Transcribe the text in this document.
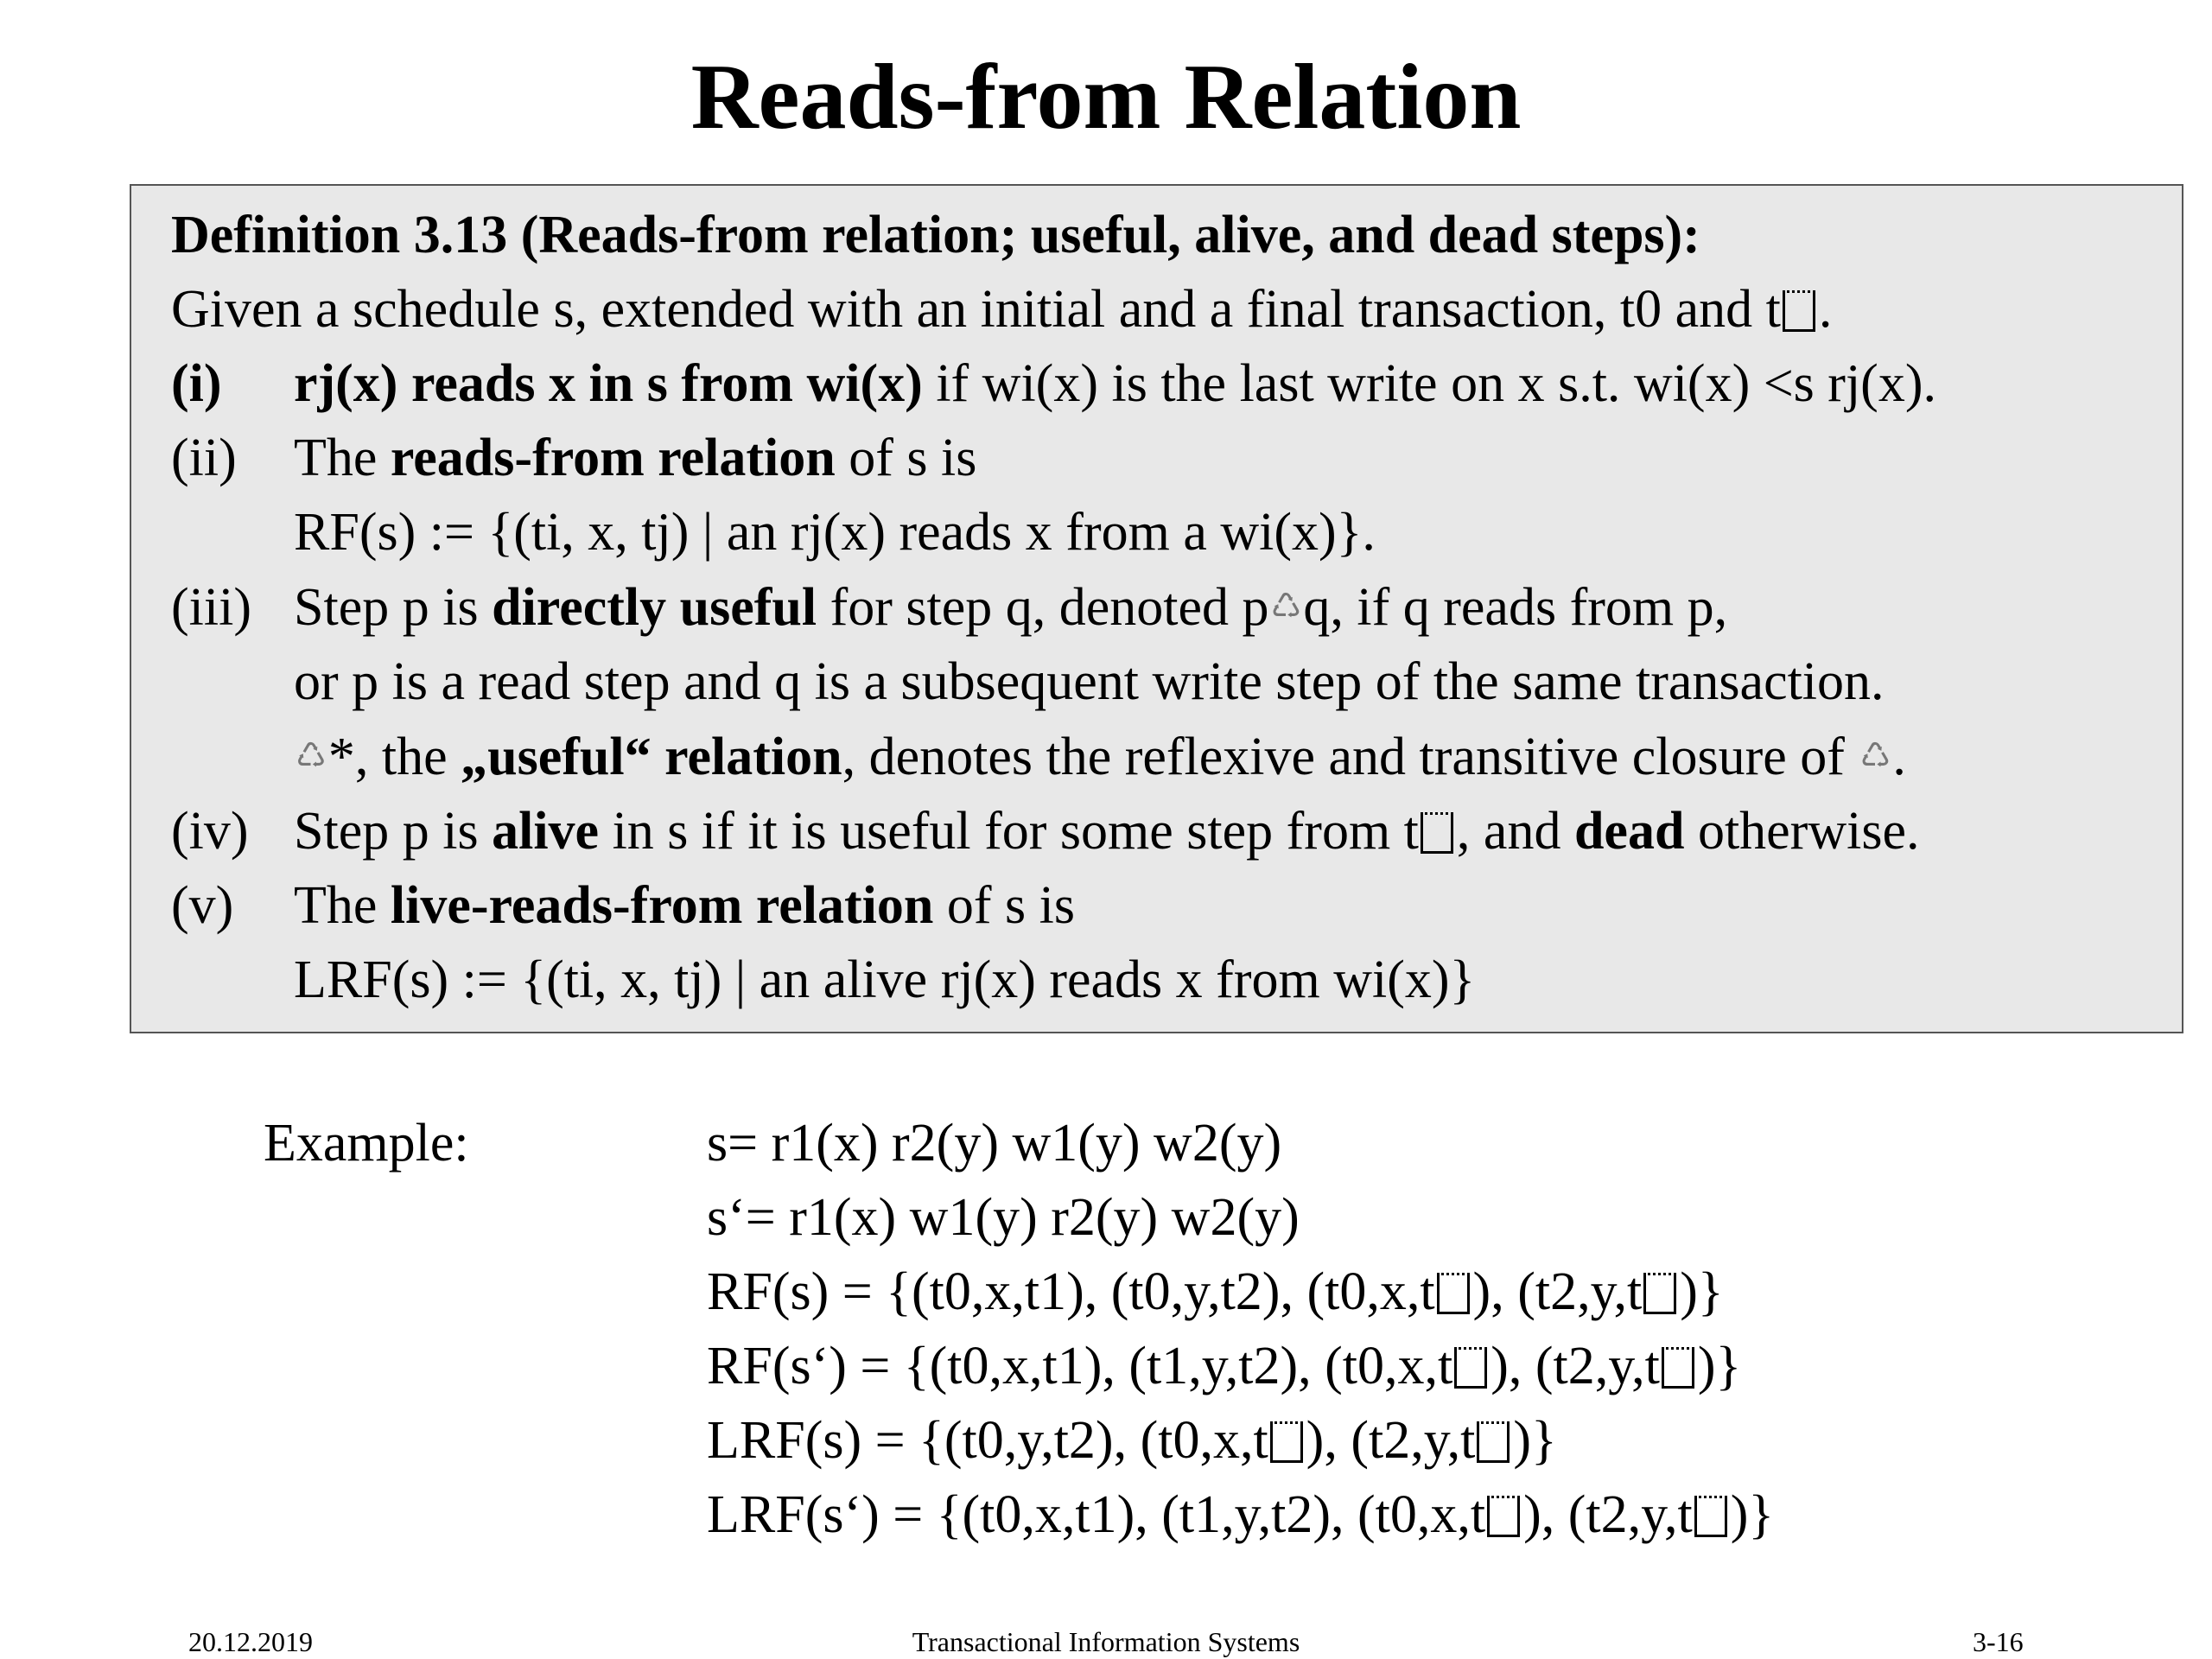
Reads-from Relation
Definition 3.13 (Reads-from relation; useful, alive, and dead steps):
Given a schedule s, extended with an initial and a final transaction, t0 and t .
(i) rj(x) reads x in s from wi(x) if wi(x) is the last write on x s.t. wi(x) <s rj(x).
(ii) The reads-from relation of s is
RF(s) := {(ti, x, tj) | an rj(x) reads x from a wi(x)}.
(iii) Step p is directly useful for step q, denoted p♺q, if q reads from p,
or p is a read step and q is a subsequent write step of the same transaction.
♺*, the „useful“ relation, denotes the reflexive and transitive closure of ♺.
(iv) Step p is alive in s if it is useful for some step from t , and dead otherwise.
(v) The live-reads-from relation of s is
LRF(s) := {(ti, x, tj) | an alive rj(x) reads x from wi(x)}
Example:	s= r1(x) r2(y) w1(y) w2(y)
s‘= r1(x) w1(y) r2(y) w2(y)
RF(s) = {(t0,x,t1), (t0,y,t2), (t0,x,t ), (t2,y,t )}
RF(s‘) = {(t0,x,t1), (t1,y,t2), (t0,x,t ), (t2,y,t )}
LRF(s) = {(t0,y,t2), (t0,x,t ), (t2,y,t )}
LRF(s‘) = {(t0,x,t1), (t1,y,t2), (t0,x,t ), (t2,y,t )}
20.12.2019	Transactional Information Systems	3-16
